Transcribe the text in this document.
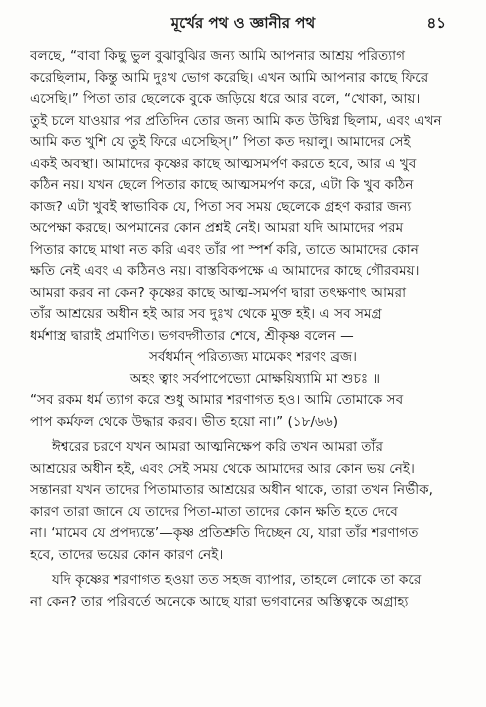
মূর্খের পথ ও জ্ঞানীর পথ	৪১
বলছে, “বাবা কিছু ভুল বুঝাবুঝির জন্য আমি আপনার আশ্রয় পরিত্যাগ
করেছিলাম, কিন্তু আমি দুঃখ ভোগ করেছি। এখন আমি আপনার কাছে ফিরে
এসেছি।” পিতা তার ছেলেকে বুকে জড়িয়ে ধরে আর বলে, “খোকা, আয়।
তুই চলে যাওয়ার পর প্রতিদিন তোর জন্য আমি কত উদ্বিগ্ন ছিলাম, এবং এখন
আমি কত খুশি যে তুই ফিরে এসেছিস্।” পিতা কত দয়ালু। আমাদের সেই
একই অবস্থা। আমাদের কৃষ্ণের কাছে আত্মসমর্পণ করতে হবে, আর এ খুব
কঠিন নয়। যখন ছেলে পিতার কাছে আত্মসমর্পণ করে, এটা কি খুব কঠিন
কাজ? এটা খুবই স্বাভাবিক যে, পিতা সব সময় ছেলেকে গ্রহণ করার জন্য
অপেক্ষা করছে। অপমানের কোন প্রশ্নই নেই। আমরা যদি আমাদের পরম
পিতার কাছে মাথা নত করি এবং তাঁর পা স্পর্শ করি, তাতে আমাদের কোন
ক্ষতি নেই এবং এ কঠিনও নয়। বাস্তবিকপক্ষে এ আমাদের কাছে গৌরবময়।
আমরা করব না কেন? কৃষ্ণের কাছে আত্ম-সমর্পণ দ্বারা তৎক্ষণাৎ আমরা
তাঁর আশ্রয়ের অধীন হই আর সব দুঃখ থেকে মুক্ত হই। এ সব সমগ্র
ধর্মশাস্ত্র দ্বারাই প্রমাণিত। ভগবদ্গীতার শেষে, শ্রীকৃষ্ণ বলেন —
সর্বধর্মান্ পরিত্যজ্য মামেকং শরণং ব্রজ।
অহং ত্বাং সর্বপাপেভ্যো মোক্ষয়িষ্যামি মা শুচঃ ॥
“সব রকম ধর্ম ত্যাগ করে শুধু আমার শরণাগত হও। আমি তোমাকে সব
পাপ কর্মফল থেকে উদ্ধার করব। ভীত হয়ো না।” (১৮/৬৬)
ঈশ্বরের চরণে যখন আমরা আত্মনিক্ষেপ করি তখন আমরা তাঁর
আশ্রয়ের অধীন হই, এবং সেই সময় থেকে আমাদের আর কোন ভয় নেই।
সন্তানরা যখন তাদের পিতামাতার আশ্রয়ের অধীন থাকে, তারা তখন নির্ভীক,
কারণ তারা জানে যে তাদের পিতা-মাতা তাদের কোন ক্ষতি হতে দেবে
না। ‘মামেব যে প্রপদ্যন্তে’—কৃষ্ণ প্রতিশ্রুতি দিচ্ছেন যে, যারা তাঁর শরণাগত
হবে, তাদের ভয়ের কোন কারণ নেই।
যদি কৃষ্ণের শরণাগত হওয়া তত সহজ ব্যাপার, তাহলে লোকে তা করে
না কেন? তার পরিবর্তে অনেকে আছে যারা ভগবানের অস্তিত্বকে অগ্রাহ্য
